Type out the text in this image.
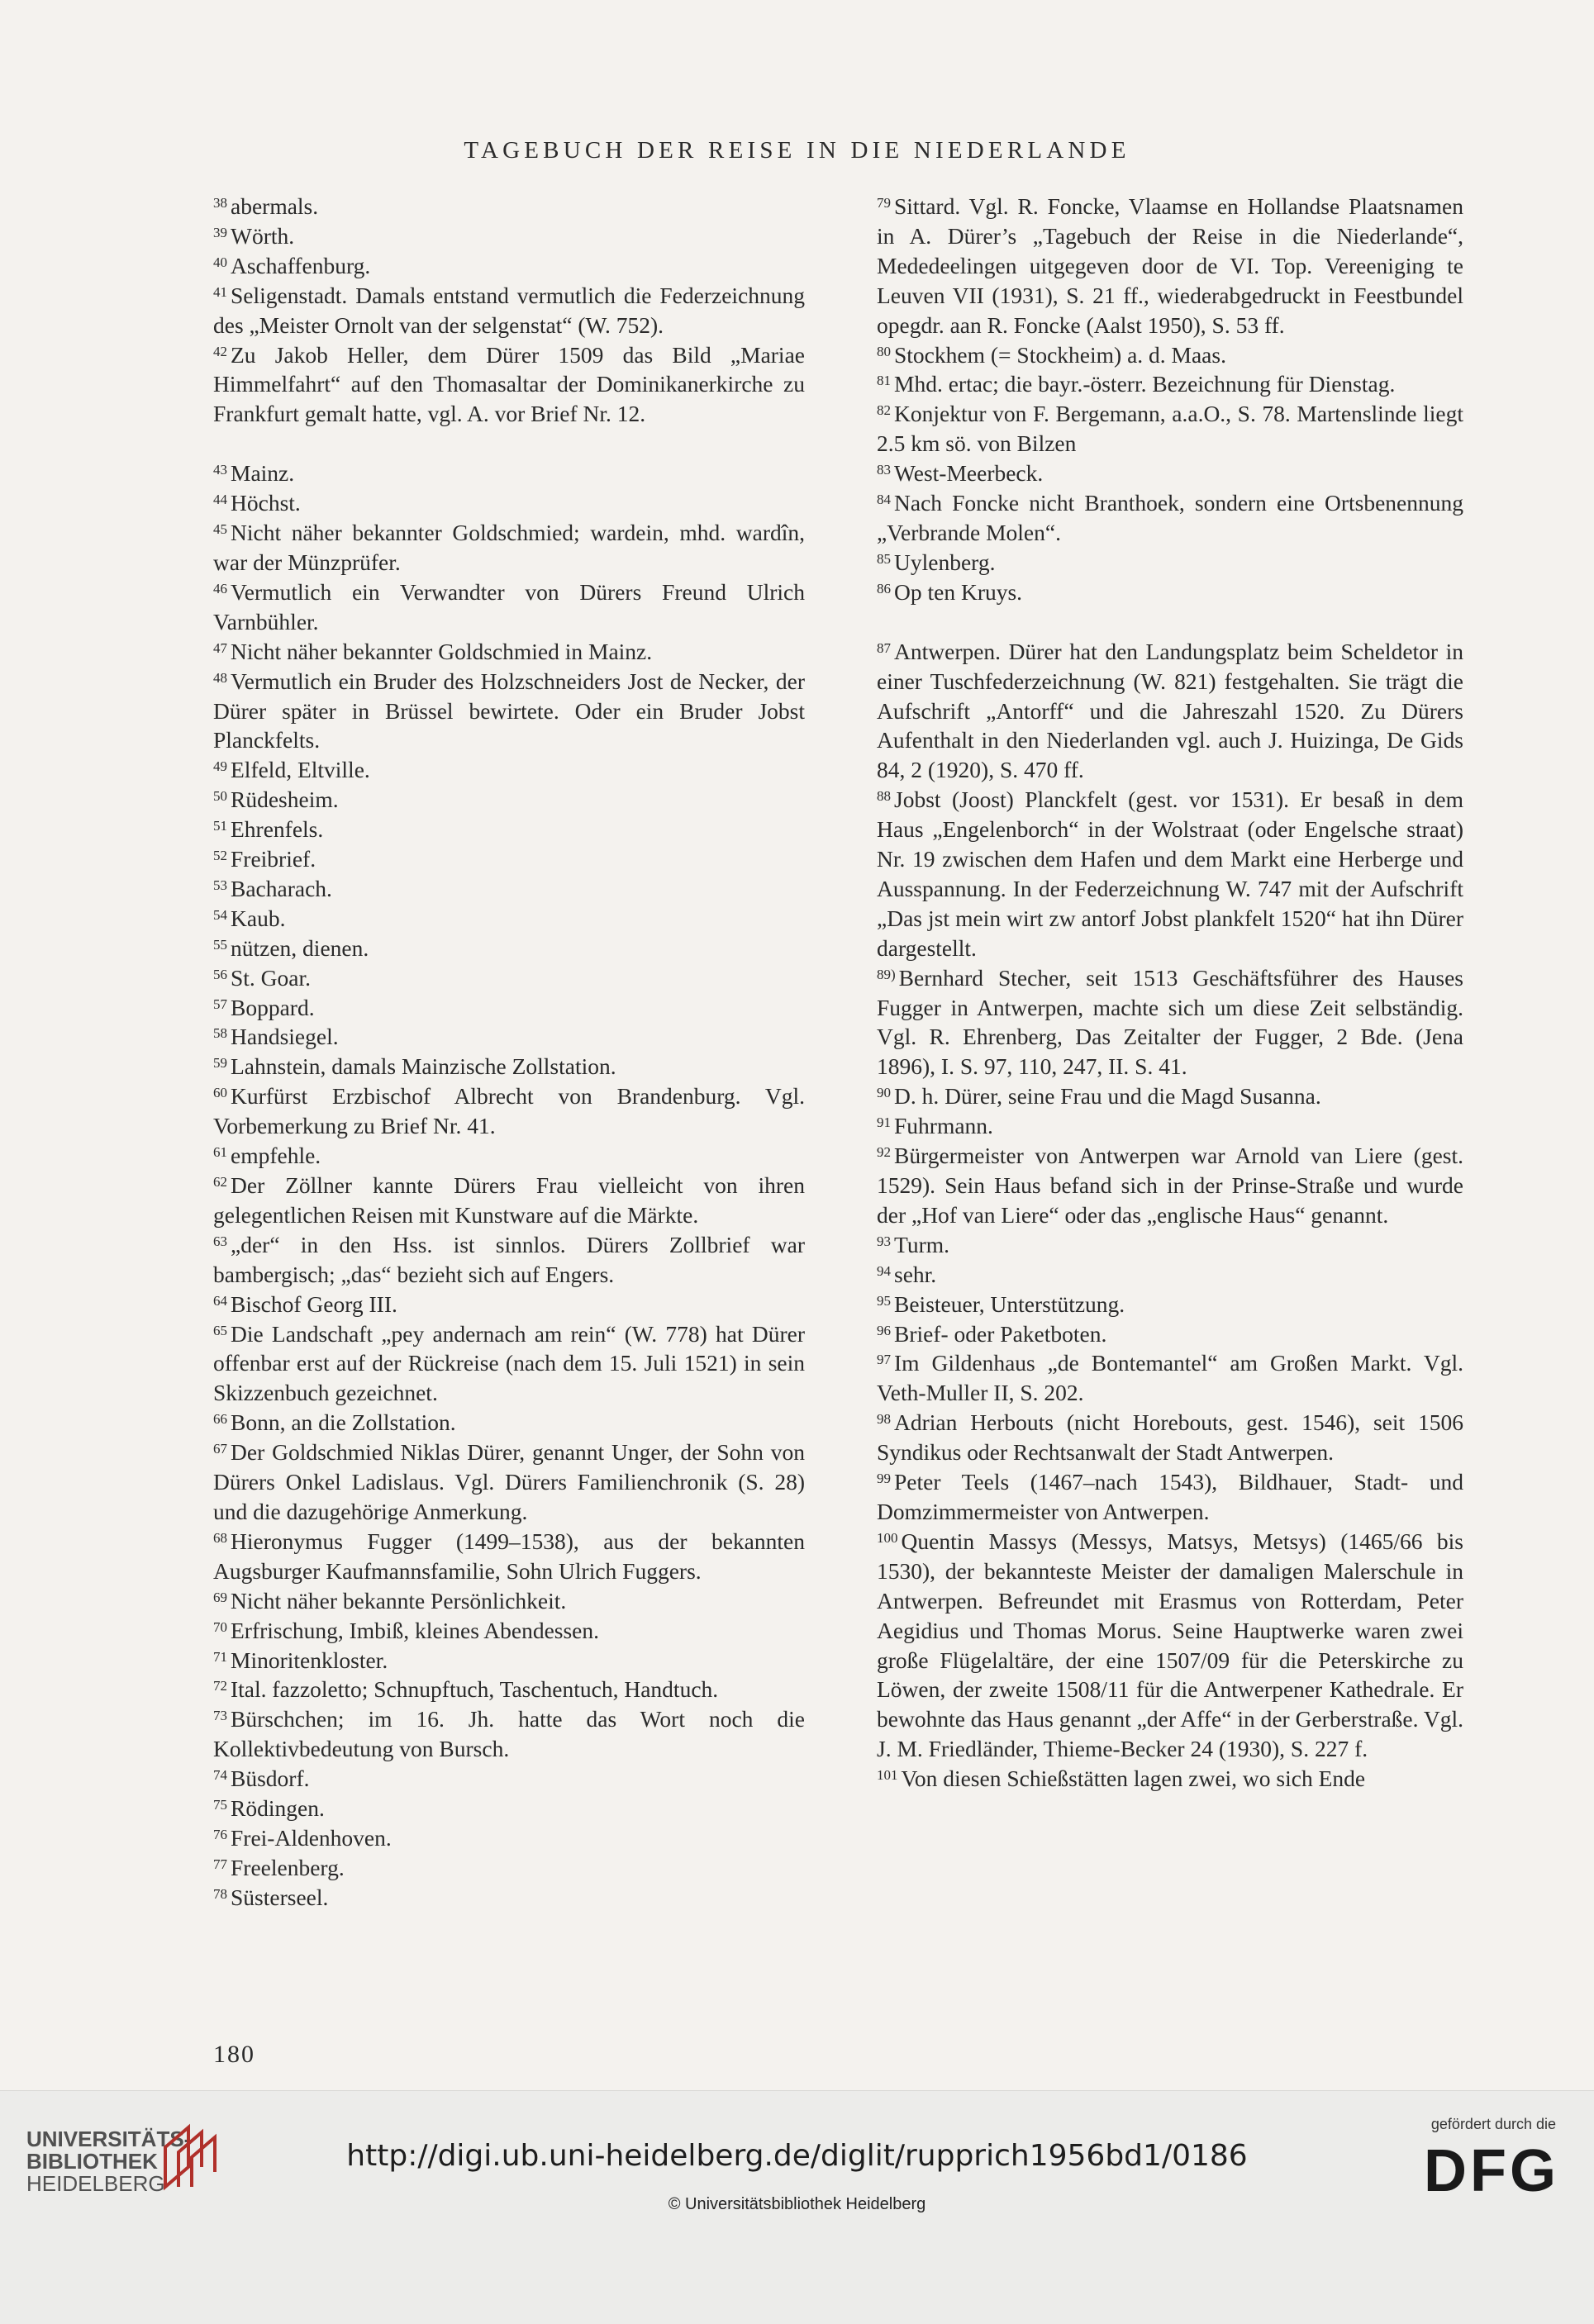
TAGEBUCH DER REISE IN DIE NIEDERLANDE

$^{38}$ abermals.

$^{39}$ Wörth.

$^{40}$ Aschaffenburg.

$^{41}$ Seligenstadt. Damals entstand vermutlich die Federzeichnung des „Meister Ornolt van der selgenstat“ (W. 752).

$^{42}$ Zu Jakob Heller, dem Dürer 1509 das Bild „Mariae Himmelfahrt“ auf den Thomasaltar der Dominikanerkirche zu Frankfurt gemalt hatte, vgl. A. vor Brief Nr. 12.

$^{43}$ Mainz.

$^{44}$ Höchst.

$^{45}$ Nicht näher bekannter Goldschmied; wardein, mhd. wardîn, war der Münzprüfer.

$^{46}$ Vermutlich ein Verwandter von Dürers Freund Ulrich Varnbühler.

$^{47}$ Nicht näher bekannter Goldschmied in Mainz.

$^{48}$ Vermutlich ein Bruder des Holzschneiders Jost de Necker, der Dürer später in Brüssel bewirtete. Oder ein Bruder Jobst Planckfelts.

$^{49}$ Elfeld, Eltville.

$^{50}$ Rüdesheim.

$^{51}$ Ehrenfels.

$^{52}$ Freibrief.

$^{53}$ Bacharach.

$^{54}$ Kaub.

$^{55}$ nützen, dienen.

$^{56}$ St. Goar.

$^{57}$ Boppard.

$^{58}$ Handsiegel.

$^{59}$ Lahnstein, damals Mainzische Zollstation.

$^{60}$ Kurfürst Erzbischof Albrecht von Brandenburg. Vgl. Vorbemerkung zu Brief Nr. 41.

$^{61}$ empfehle.

$^{62}$ Der Zöllner kannte Dürers Frau vielleicht von ihren gelegentlichen Reisen mit Kunstware auf die Märkte.

$^{63}$ „der“ in den Hss. ist sinnlos. Dürers Zollbrief war bambergisch; „das“ bezieht sich auf Engers.

$^{64}$ Bischof Georg III.

$^{65}$ Die Landschaft „pey andernach am rein“ (W. 778) hat Dürer offenbar erst auf der Rückreise (nach dem 15. Juli 1521) in sein Skizzenbuch gezeichnet.

$^{66}$ Bonn, an die Zollstation.

$^{67}$ Der Goldschmied Niklas Dürer, genannt Unger, der Sohn von Dürers Onkel Ladislaus. Vgl. Dürers Familienchronik (S. 28) und die dazugehörige Anmerkung.

$^{68}$ Hieronymus Fugger (1499–1538), aus der bekannten Augsburger Kaufmannsfamilie, Sohn Ulrich Fuggers.

$^{69}$ Nicht näher bekannte Persönlichkeit.

$^{70}$ Erfrischung, Imbiß, kleines Abendessen.

$^{71}$ Minoritenkloster.

$^{72}$ Ital. fazzoletto; Schnupftuch, Taschentuch, Handtuch.

$^{73}$ Bürschchen; im 16. Jh. hatte das Wort noch die Kollektivbedeutung von Bursch.

$^{74}$ Büsdorf.

$^{75}$ Rödingen.

$^{76}$ Frei-Aldenhoven.

$^{77}$ Freelenberg.

$^{78}$ Süsterseel.

$^{79}$ Sittard. Vgl. R. Foncke, Vlaamse en Hollandse Plaatsnamen in A. Dürer’s „Tagebuch der Reise in die Niederlande“, Mededeelingen uitgegeven door de VI. Top. Vereeniging te Leuven VII (1931), S. 21 ff., wiederabgedruckt in Feestbundel opegdr. aan R. Foncke (Aalst 1950), S. 53 ff.

$^{80}$ Stockhem (= Stockheim) a. d. Maas.

$^{81}$ Mhd. ertac; die bayr.-österr. Bezeichnung für Dienstag.

$^{82}$ Konjektur von F. Bergemann, a.a.O., S. 78. Martenslinde liegt 2.5 km sö. von Bilzen

$^{83}$ West-Meerbeck.

$^{84}$ Nach Foncke nicht Branthoek, sondern eine Ortsbenennung „Verbrande Molen“.

$^{85}$ Uylenberg.

$^{86}$ Op ten Kruys.

$^{87}$ Antwerpen. Dürer hat den Landungsplatz beim Scheldetor in einer Tuschfederzeichnung (W. 821) festgehalten. Sie trägt die Aufschrift „Antorff“ und die Jahreszahl 1520. Zu Dürers Aufenthalt in den Niederlanden vgl. auch J. Huizinga, De Gids 84, 2 (1920), S. 470 ff.

$^{88}$ Jobst (Joost) Planckfelt (gest. vor 1531). Er besaß in dem Haus „Engelenborch“ in der Wolstraat (oder Engelsche straat) Nr. 19 zwischen dem Hafen und dem Markt eine Herberge und Ausspannung. In der Federzeichnung W. 747 mit der Aufschrift „Das jst mein wirt zw antorf Jobst plankfelt 1520“ hat ihn Dürer dargestellt.

$^{89)}$ Bernhard Stecher, seit 1513 Geschäftsführer des Hauses Fugger in Antwerpen, machte sich um diese Zeit selbständig. Vgl. R. Ehrenberg, Das Zeitalter der Fugger, 2 Bde. (Jena 1896), I. S. 97, 110, 247, II. S. 41.

$^{90}$ D. h. Dürer, seine Frau und die Magd Susanna.

$^{91}$ Fuhrmann.

$^{92}$ Bürgermeister von Antwerpen war Arnold van Liere (gest. 1529). Sein Haus befand sich in der Prinse-Straße und wurde der „Hof van Liere“ oder das „englische Haus“ genannt.

$^{93}$ Turm.

$^{94}$ sehr.

$^{95}$ Beisteuer, Unterstützung.

$^{96}$ Brief- oder Paketboten.

$^{97}$ Im Gildenhaus „de Bontemantel“ am Großen Markt. Vgl. Veth-Muller II, S. 202.

$^{98}$ Adrian Herbouts (nicht Horebouts, gest. 1546), seit 1506 Syndikus oder Rechtsanwalt der Stadt Antwerpen.

$^{99}$ Peter Teels (1467–nach 1543), Bildhauer, Stadt- und Domzimmermeister von Antwerpen.

$^{100}$ Quentin Massys (Messys, Matsys, Metsys) (1465/66 bis 1530), der bekannteste Meister der damaligen Malerschule in Antwerpen. Befreundet mit Erasmus von Rotterdam, Peter Aegidius und Thomas Morus. Seine Hauptwerke waren zwei große Flügelaltäre, der eine 1507/09 für die Peterskirche zu Löwen, der zweite 1508/11 für die Antwerpener Kathedrale. Er bewohnte das Haus genannt „der Affe“ in der Gerberstraße. Vgl. J. M. Friedländer, Thieme-Becker 24 (1930), S. 227 f.

$^{101}$ Von diesen Schießstätten lagen zwei, wo sich Ende

180
UNIVERSITÄTS-
BIBLIOTHEK
HEIDELBERG
http://digi.ub.uni-heidelberg.de/diglit/rupprich1956bd1/0186
© Universitätsbibliothek Heidelberg
gefördert durch die
DFG
